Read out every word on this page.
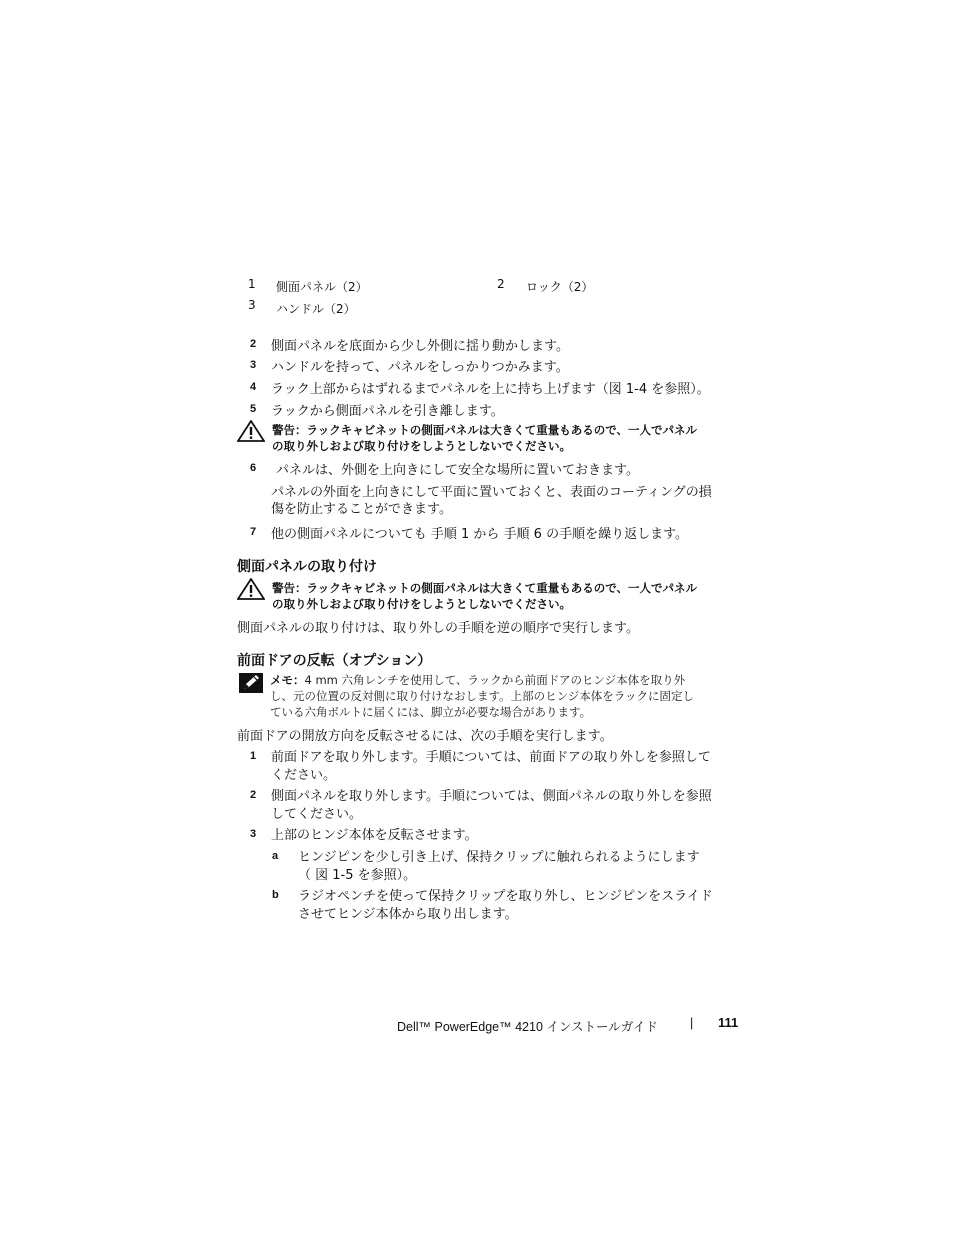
1 側面パネル（2）	2 ロック（2）
3 ハンドル（2）
2 側面パネルを底面から少し外側に揺り動かします。
3 ハンドルを持って、パネルをしっかりつかみます。
4 ラック上部からはずれるまでパネルを上に持ち上げます（図 1-4 を参照）。
5 ラックから側面パネルを引き離します。
警告：ラックキャビネットの側面パネルは大きくて重量もあるので、一人でパネル
の取り外しおよび取り付けをしようとしないでください。
6 パネルは、外側を上向きにして安全な場所に置いておきます。
パネルの外面を上向きにして平面に置いておくと、表面のコーティングの損
傷を防止することができます。
7 他の側面パネルについても 手順 1 から 手順 6 の手順を繰り返します。
側面パネルの取り付け
警告：ラックキャビネットの側面パネルは大きくて重量もあるので、一人でパネル
の取り外しおよび取り付けをしようとしないでください。
側面パネルの取り付けは、取り外しの手順を逆の順序で実行します。
前面ドアの反転（オプション）
メモ：4 mm 六角レンチを使用して、ラックから前面ドアのヒンジ本体を取り外
し、元の位置の反対側に取り付けなおします。上部のヒンジ本体をラックに固定し
ている六角ボルトに届くには、脚立が必要な場合があります。
前面ドアの開放方向を反転させるには、次の手順を実行します。
1 前面ドアを取り外します。手順については、前面ドアの取り外しを参照して
ください。
2 側面パネルを取り外します。手順については、側面パネルの取り外しを参照
してください。
3 上部のヒンジ本体を反転させます。
a ヒンジピンを少し引き上げ、保持クリップに触れられるようにします
（ 図 1-5 を参照）。
b ラジオペンチを使って保持クリップを取り外し、ヒンジピンをスライド
させてヒンジ本体から取り出します。
Dell™ PowerEdge™ 4210 インストールガイド	| 111
